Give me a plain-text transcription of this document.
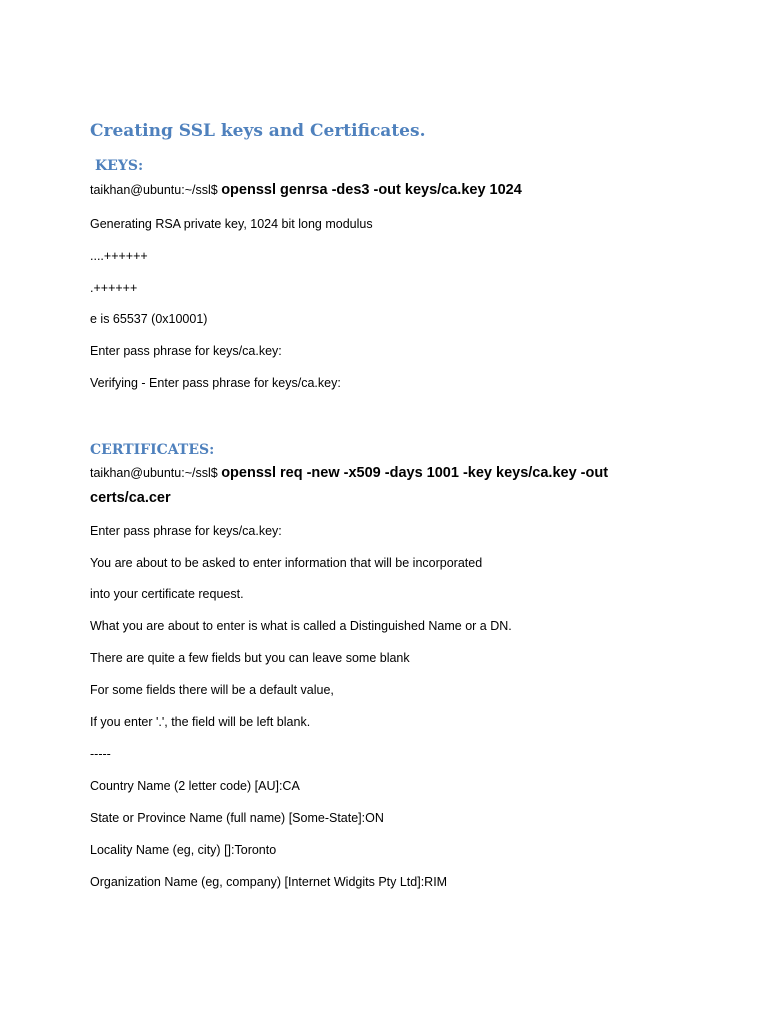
Creating SSL keys and Certificates.
KEYS:
taikhan@ubuntu:~/ssl$ openssl genrsa -des3 -out keys/ca.key 1024
Generating RSA private key, 1024 bit long modulus
....++++++
.++++++
e is 65537 (0x10001)
Enter pass phrase for keys/ca.key:
Verifying - Enter pass phrase for keys/ca.key:
CERTIFICATES:
taikhan@ubuntu:~/ssl$ openssl req -new -x509 -days 1001 -key keys/ca.key -out
certs/ca.cer
Enter pass phrase for keys/ca.key:
You are about to be asked to enter information that will be incorporated
into your certificate request.
What you are about to enter is what is called a Distinguished Name or a DN.
There are quite a few fields but you can leave some blank
For some fields there will be a default value,
If you enter '.', the field will be left blank.
-----
Country Name (2 letter code) [AU]:CA
State or Province Name (full name) [Some-State]:ON
Locality Name (eg, city) []:Toronto
Organization Name (eg, company) [Internet Widgits Pty Ltd]:RIM
